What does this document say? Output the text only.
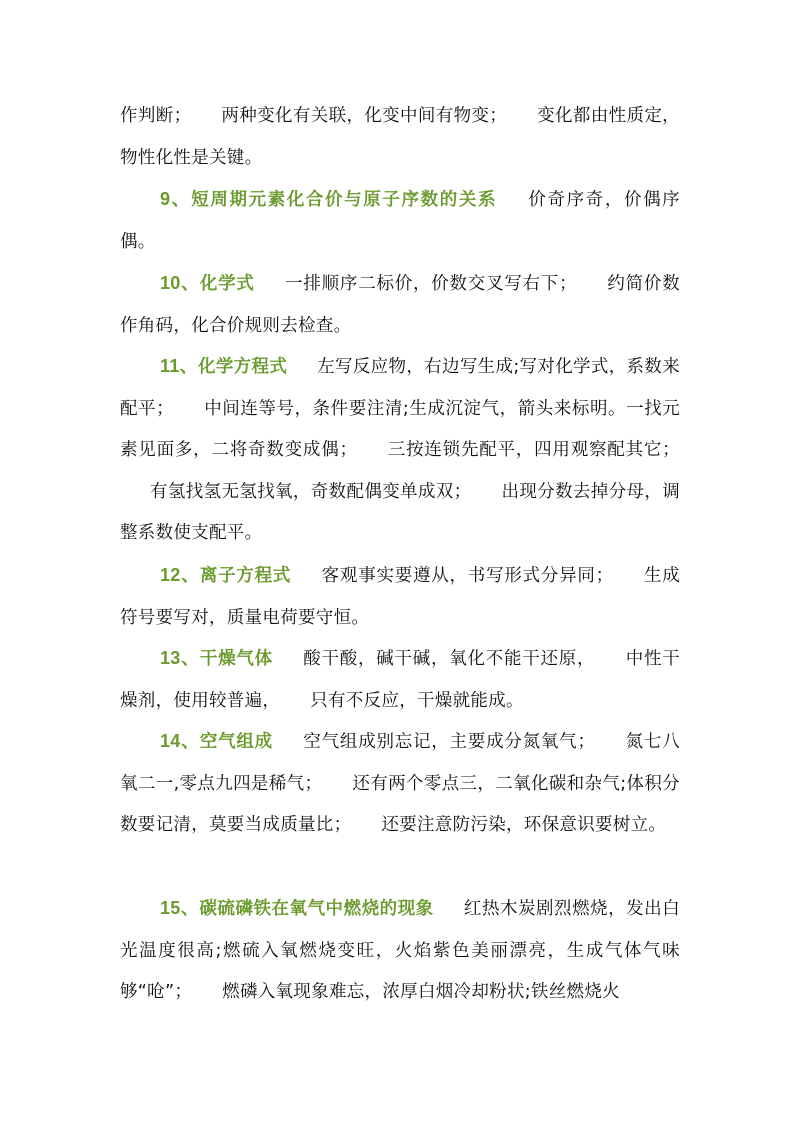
作判断； 两种变化有关联，化变中间有物变； 变化都由性质定，物性化性是关键。
9、短周期元素化合价与原子序数的关系 价奇序奇，价偶序偶。
10、化学式 一排顺序二标价，价数交叉写右下； 约简价数作角码，化合价规则去检查。
11、化学方程式 左写反应物，右边写生成;写对化学式，系数来配平； 中间连等号，条件要注清;生成沉淀气，箭头来标明。一找元素见面多，二将奇数变成偶； 三按连锁先配平，四用观察配其它；有氢找氢无氢找氧，奇数配偶变单成双； 出现分数去掉分母，调整系数使支配平。
12、离子方程式 客观事实要遵从，书写形式分异同； 生成符号要写对，质量电荷要守恒。
13、干燥气体 酸干酸，碱干碱，氧化不能干还原， 中性干燥剂，使用较普遍， 只有不反应，干燥就能成。
14、空气组成 空气组成别忘记，主要成分氮氧气； 氮七八氧二一,零点九四是稀气； 还有两个零点三，二氧化碳和杂气;体积分数要记清，莫要当成质量比； 还要注意防污染，环保意识要树立。
15、碳硫磷铁在氧气中燃烧的现象 红热木炭剧烈燃烧，发出白光温度很高;燃硫入氧燃烧变旺，火焰紫色美丽漂亮，生成气体气味够“呛”； 燃磷入氧现象难忘，浓厚白烟冷却粉状;铁丝燃烧火
